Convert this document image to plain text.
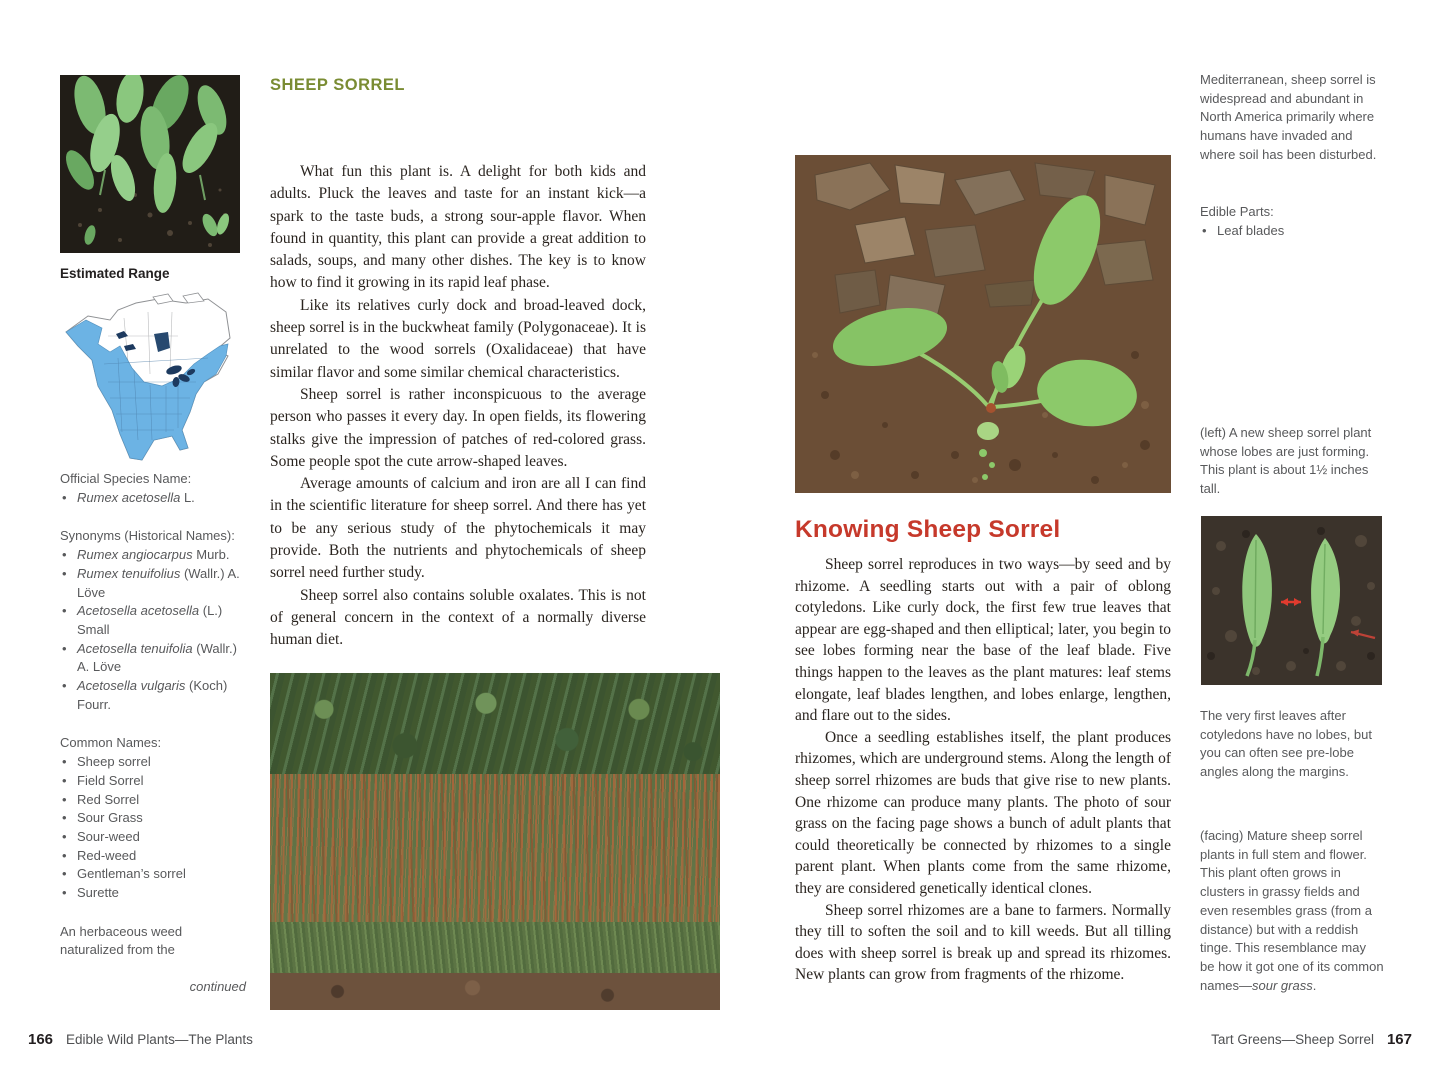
Estimated Range
Official Species Name:
• Rumex acetosella L.
Synonyms (Historical Names):
• Rumex angiocarpus Murb.
• Rumex tenuifolius (Wallr.) A. Löve
• Acetosella acetosella (L.) Small
• Acetosella tenuifolia (Wallr.) A. Löve
• Acetosella vulgaris (Koch) Fourr.
Common Names:
• Sheep sorrel
• Field Sorrel
• Red Sorrel
• Sour Grass
• Sour-weed
• Red-weed
• Gentleman’s sorrel
• Surette
An herbaceous weed naturalized from the
continued
SHEEP SORREL

What fun this plant is. A delight for both kids and adults. Pluck the leaves and taste for an instant kick—a spark to the taste buds, a strong sour-apple flavor. When found in quantity, this plant can provide a great addition to salads, soups, and many other dishes. The key is to know how to find it growing in its rapid leaf phase.

Like its relatives curly dock and broad-leaved dock, sheep sorrel is in the buckwheat family (Polygonaceae). It is unrelated to the wood sorrels (Oxalidaceae) that have similar flavor and some similar chemical characteristics.

Sheep sorrel is rather inconspicuous to the average person who passes it every day. In open fields, its flowering stalks give the impression of patches of red-colored grass. Some people spot the cute arrow-shaped leaves.

Average amounts of calcium and iron are all I can find in the scientific literature for sheep sorrel. And there has yet to be any serious study of the phytochemicals it may provide. Both the nutrients and phytochemicals of sheep sorrel need further study.

Sheep sorrel also contains soluble oxalates. This is not of general concern in the context of a normally diverse human diet.

Knowing Sheep Sorrel

Sheep sorrel reproduces in two ways—by seed and by rhizome. A seedling starts out with a pair of oblong cotyledons. Like curly dock, the first few true leaves that appear are egg-shaped and then elliptical; later, you begin to see lobes forming near the base of the leaf blade. Five things happen to the leaves as the plant matures: leaf stems elongate, leaf blades lengthen, and lobes enlarge, lengthen, and flare out to the sides.

Once a seedling establishes itself, the plant produces rhizomes, which are underground stems. Along the length of sheep sorrel rhizomes are buds that give rise to new plants. One rhizome can produce many plants. The photo of sour grass on the facing page shows a bunch of adult plants that could theoretically be connected by rhizomes to a single parent plant. When plants come from the same rhizome, they are considered genetically identical clones.

Sheep sorrel rhizomes are a bane to farmers. Normally they till to soften the soil and to kill weeds. But all tilling does with sheep sorrel is break up and spread its rhizomes. New plants can grow from fragments of the rhizome.

Mediterranean, sheep sorrel is widespread and abundant in North America primarily where humans have invaded and where soil has been disturbed.
Edible Parts:
• Leaf blades
(left) A new sheep sorrel plant whose lobes are just forming. This plant is about 1½ inches tall.
The very first leaves after cotyledons have no lobes, but you can often see pre-lobe angles along the margins.
(facing) Mature sheep sorrel plants in full stem and flower. This plant often grows in clusters in grassy fields and even resembles grass (from a distance) but with a reddish tinge. This resemblance may be how it got one of its common names—sour grass.
166 Edible Wild Plants—The Plants	Tart Greens—Sheep Sorrel 167
